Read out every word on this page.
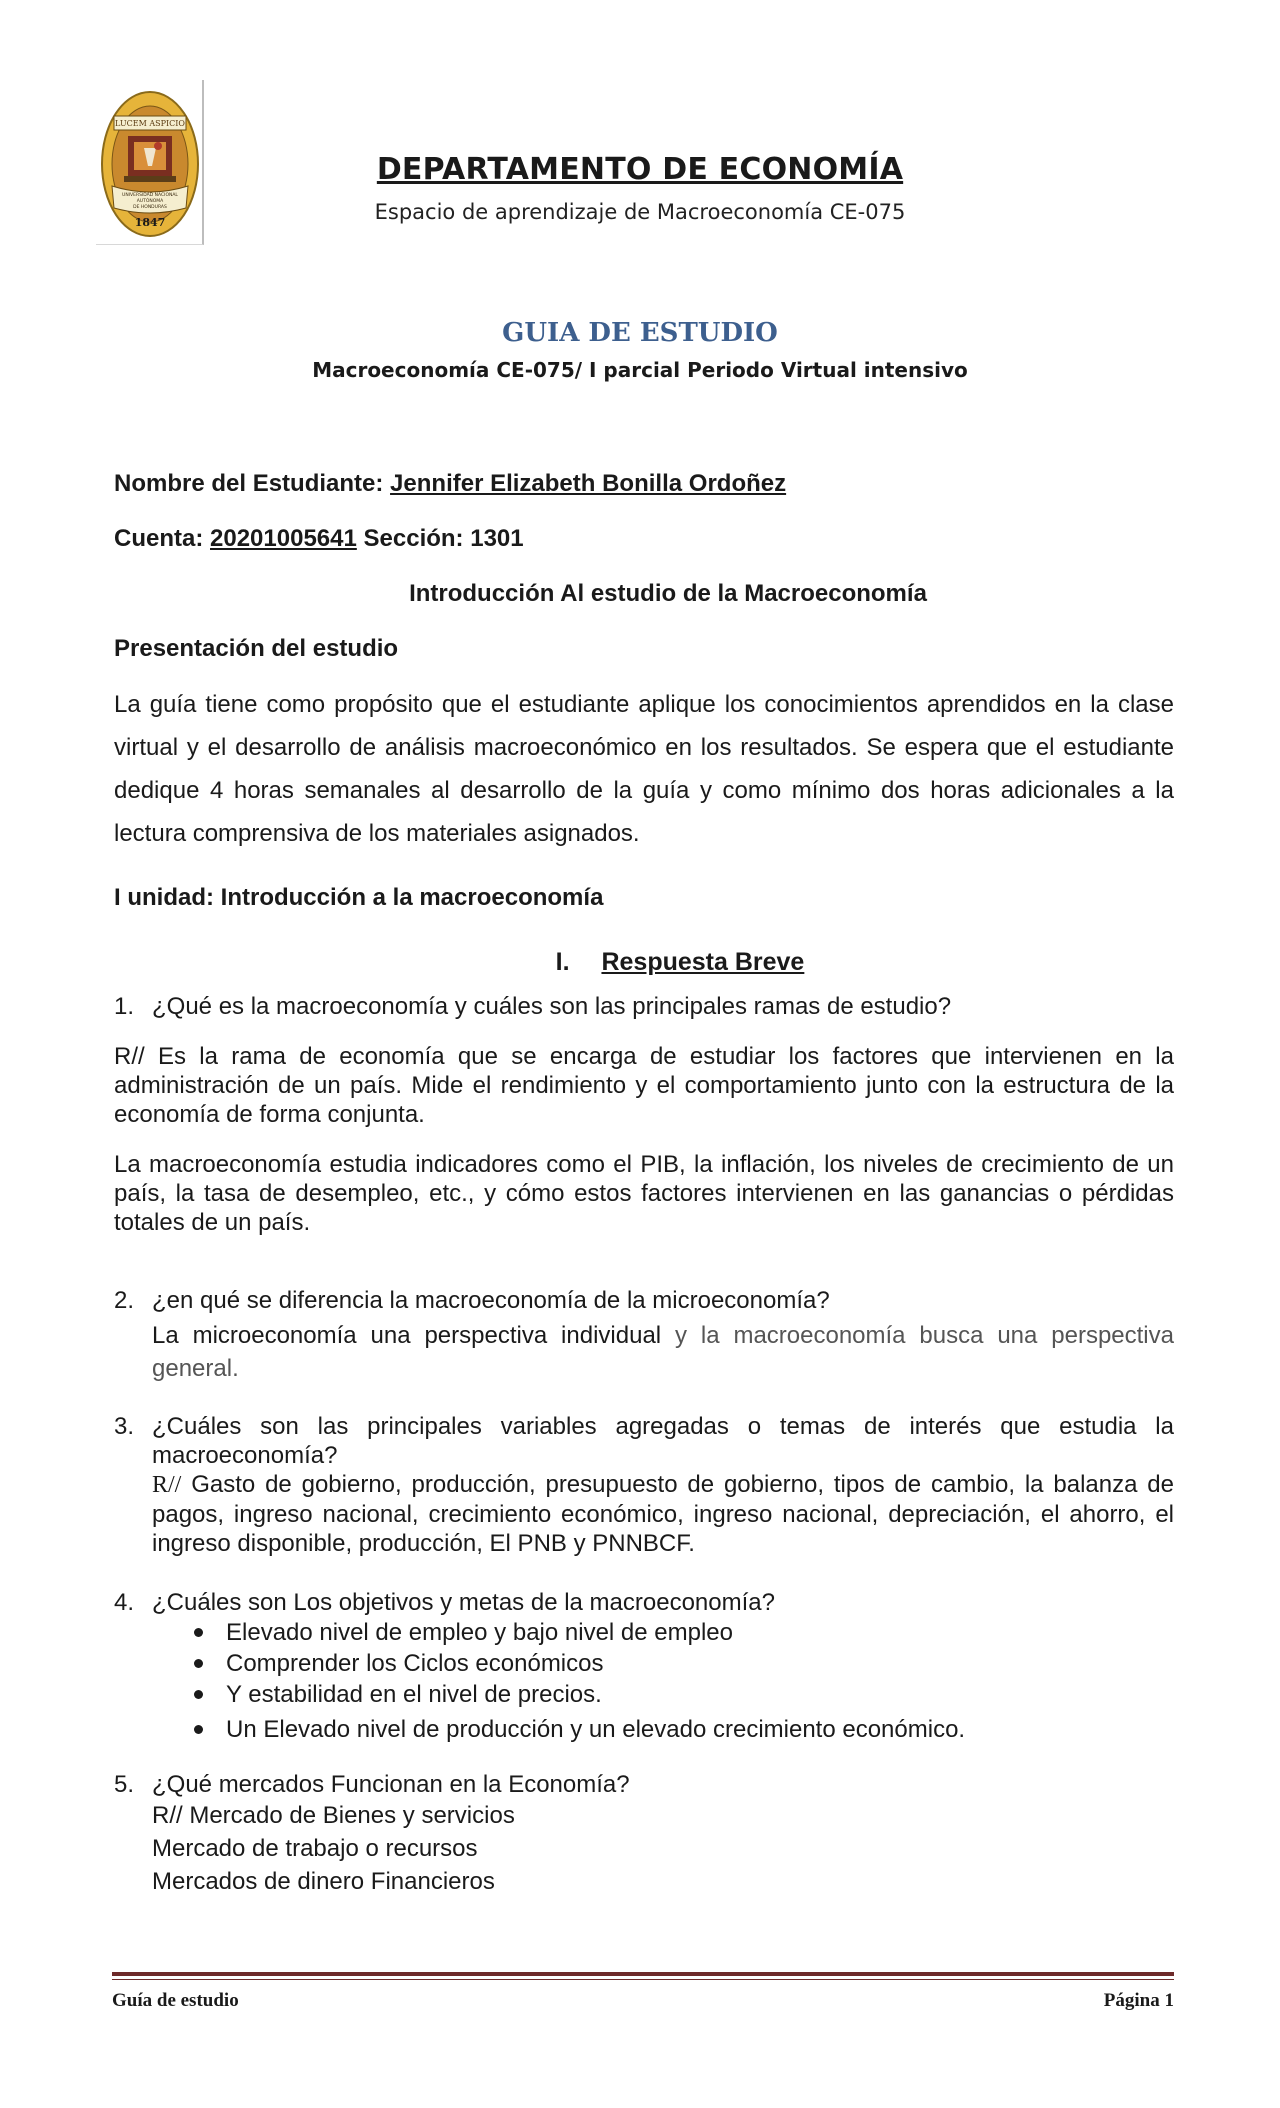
LUCEM ASPICIO
UNIVERSIDAD NACIONAL
AUTÓNOMA
DE HONDURAS
1847
DEPARTAMENTO DE ECONOMÍA
Espacio de aprendizaje de Macroeconomía CE-075
GUIA DE ESTUDIO
Macroeconomía CE-075/ I parcial Periodo Virtual intensivo
Nombre del Estudiante: Jennifer Elizabeth Bonilla Ordoñez
Cuenta: 20201005641 Sección: 1301
Introducción Al estudio de la Macroeconomía
Presentación del estudio
La guía tiene como propósito que el estudiante aplique los conocimientos aprendidos en la clase virtual y el desarrollo de análisis macroeconómico en los resultados. Se espera que el estudiante dedique 4 horas semanales al desarrollo de la guía y como mínimo dos horas adicionales a la lectura comprensiva de los materiales asignados.
I unidad: Introducción a la macroeconomía
I. Respuesta Breve
1. ¿Qué es la macroeconomía y cuáles son las principales ramas de estudio?
R// Es la rama de economía que se encarga de estudiar los factores que intervienen en la administración de un país. Mide el rendimiento y el comportamiento junto con la estructura de la economía de forma conjunta.
La macroeconomía estudia indicadores como el PIB, la inflación, los niveles de crecimiento de un país, la tasa de desempleo, etc., y cómo estos factores intervienen en las ganancias o pérdidas totales de un país.
2. ¿en qué se diferencia la macroeconomía de la microeconomía?
La microeconomía una perspectiva individual y la macroeconomía busca una perspectiva general.
3. ¿Cuáles son las principales variables agregadas o temas de interés que estudia la macroeconomía?
R// Gasto de gobierno, producción, presupuesto de gobierno, tipos de cambio, la balanza de pagos, ingreso nacional, crecimiento económico, ingreso nacional, depreciación, el ahorro, el ingreso disponible, producción, El PNB y PNNBCF.
4. ¿Cuáles son Los objetivos y metas de la macroeconomía?
Elevado nivel de empleo y bajo nivel de empleo
Comprender los Ciclos económicos
Y estabilidad en el nivel de precios.
Un Elevado nivel de producción y un elevado crecimiento económico.
5. ¿Qué mercados Funcionan en la Economía?
R// Mercado de Bienes y servicios
Mercado de trabajo o recursos
Mercados de dinero Financieros
Guía de estudio	Página 1
